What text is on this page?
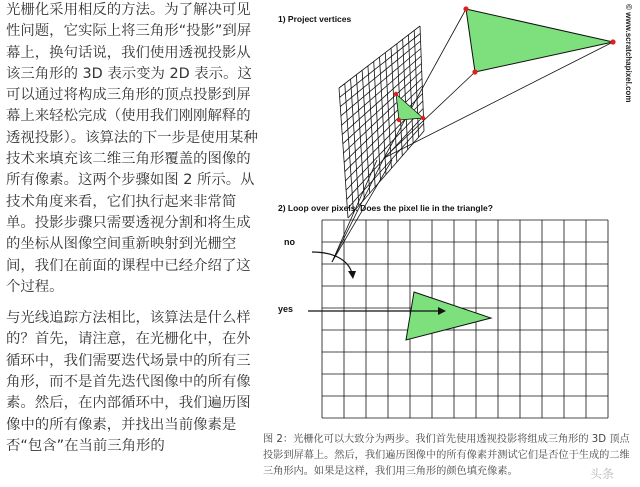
光栅化采用相反的方法。为了解决可见性问题，它实际上将三角形“投影”到屏幕上，换句话说，我们使用透视投影从该三角形的 3D 表示变为 2D 表示。这可以通过将构成三角形的顶点投影到屏幕上来轻松完成（使用我们刚刚解释的透视投影）。该算法的下一步是使用某种技术来填充该二维三角形覆盖的图像的所有像素。这两个步骤如图 2 所示。从技术角度来看，它们执行起来非常简单。投影步骤只需要透视分割和将生成的坐标从图像空间重新映射到光栅空间，我们在前面的课程中已经介绍了这个过程。

与光线追踪方法相比，该算法是什么样的？首先，请注意，在光栅化中，在外循环中，我们需要迭代场景中的所有三角形，而不是首先迭代图像中的所有像素。然后，在内部循环中，我们遍历图像中的所有像素，并找出当前像素是否“包含”在当前三角形的

1) Project vertices
2) Loop over pixels. Does the pixel lie in the triangle?
no
yes
© www.scratchapixel.com

图 2：光栅化可以大致分为两步。我们首先使用透视投影将组成三角形的 3D 顶点投影到屏幕上。然后，我们遍历图像中的所有像素并测试它们是否位于生成的二维三角形内。如果是这样，我们用三角形的颜色填充像素。	头条
